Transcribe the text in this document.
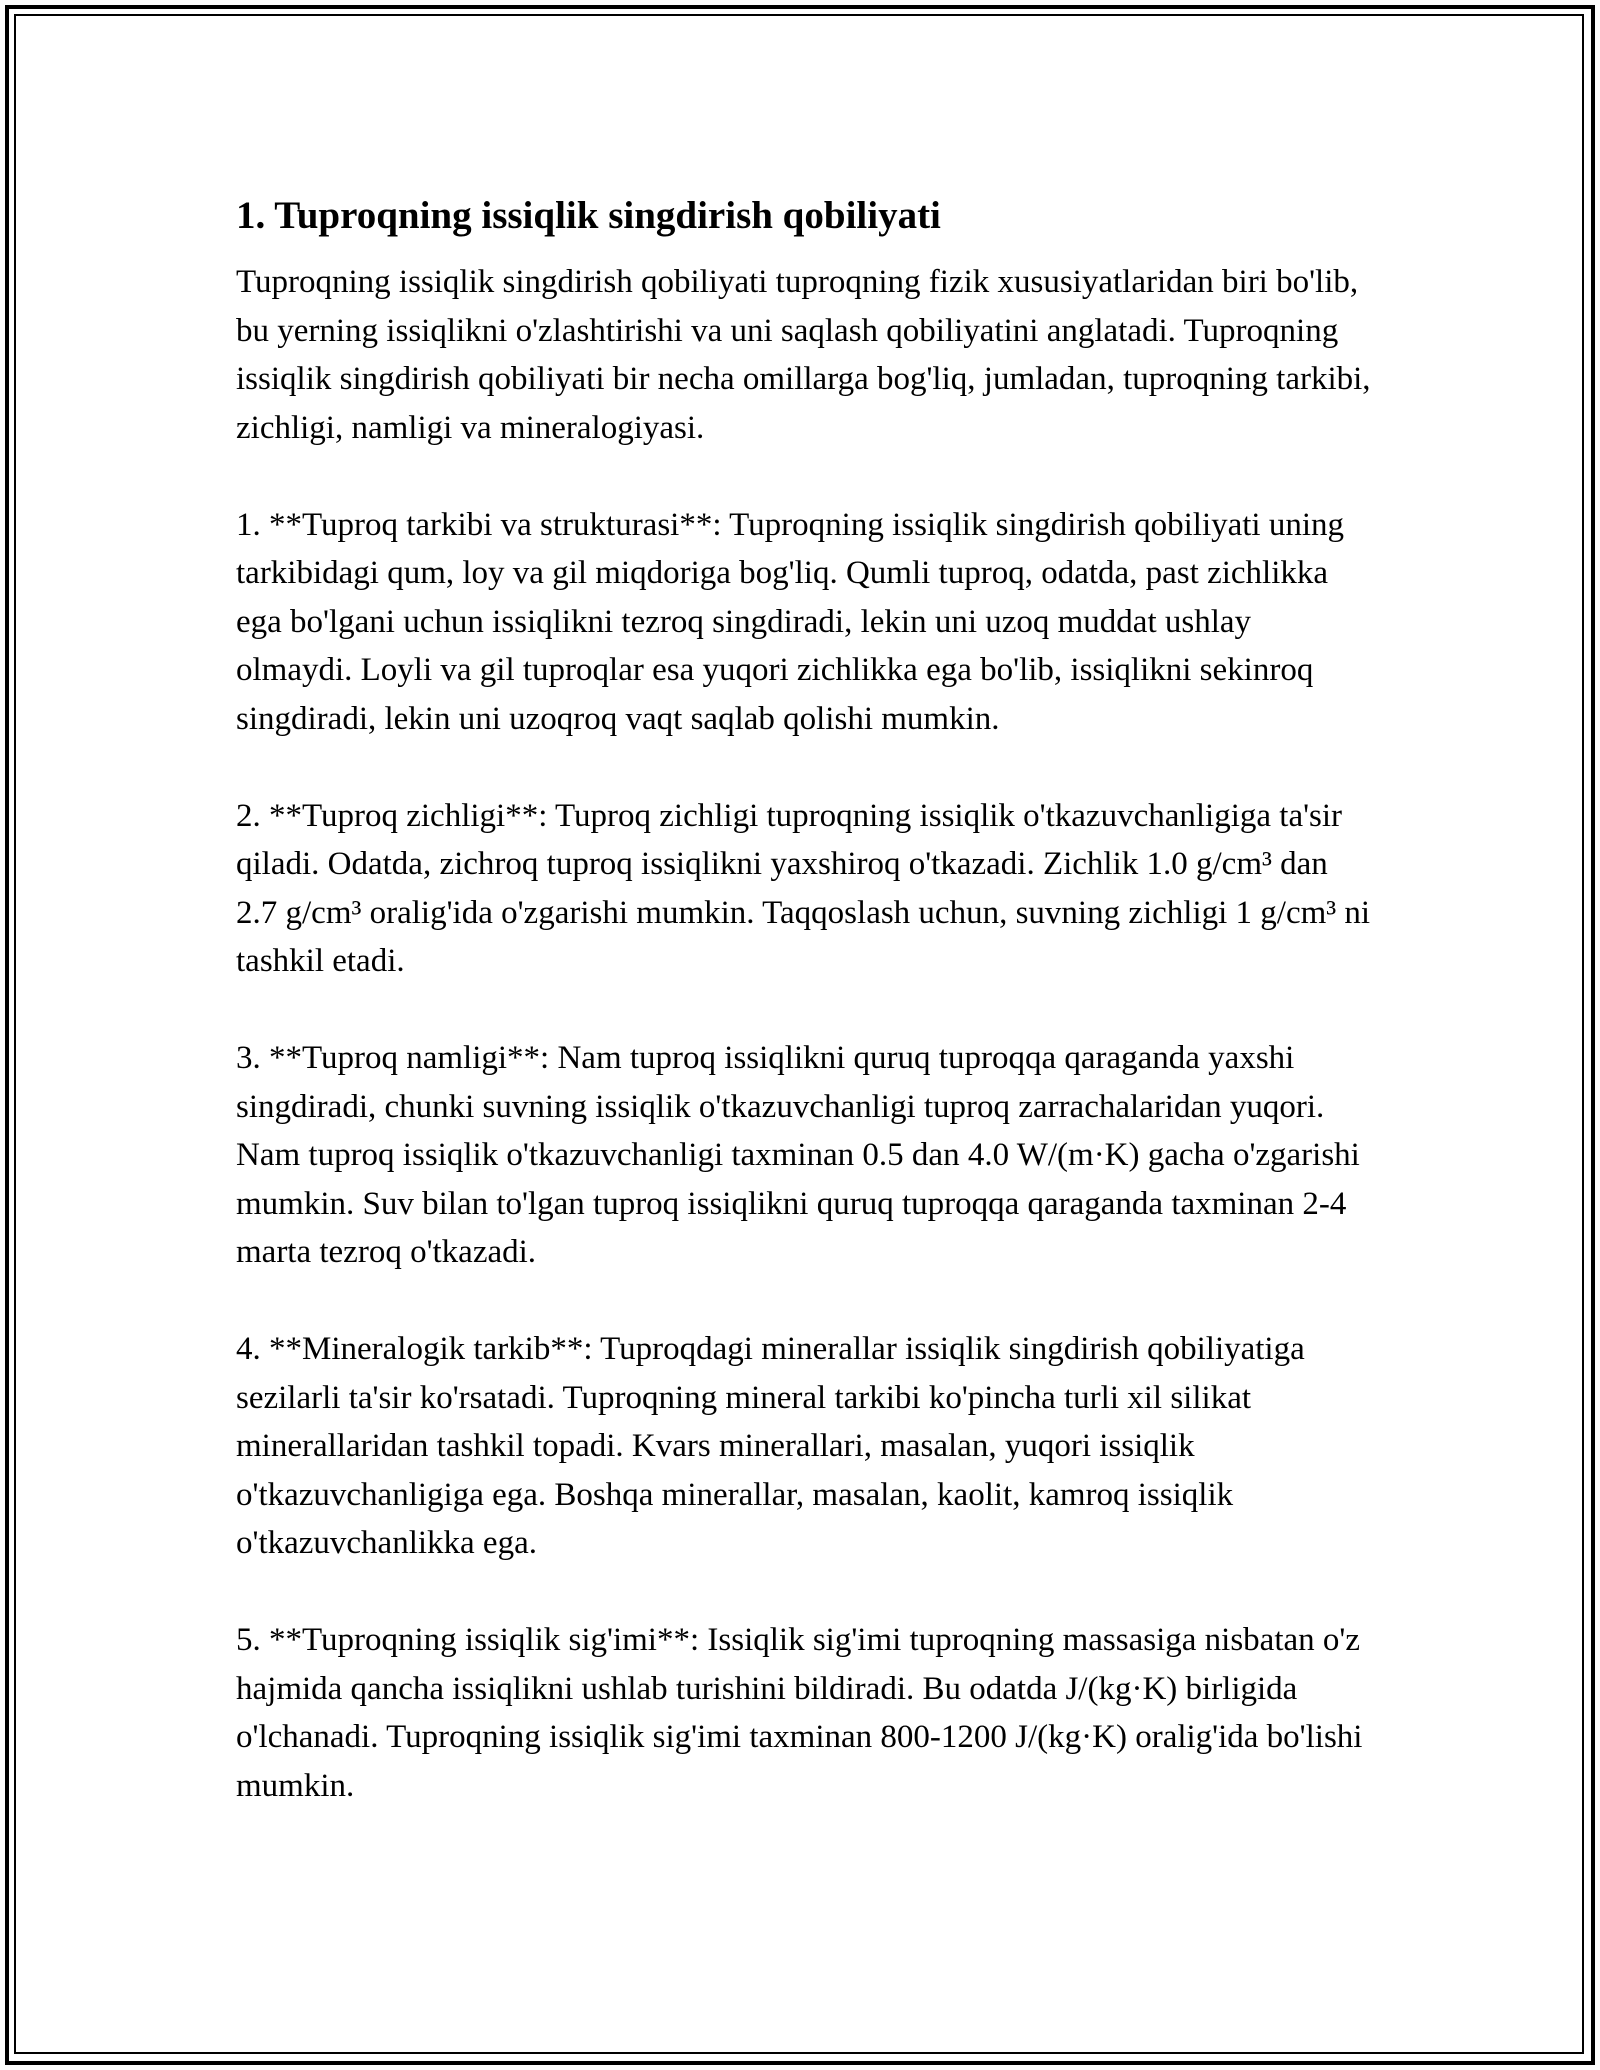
1. Tuproqning issiqlik singdirish qobiliyati

Tuproqning issiqlik singdirish qobiliyati tuproqning fizik xususiyatlaridan biri bo'lib, bu yerning issiqlikni o'zlashtirishi va uni saqlash qobiliyatini anglatadi. Tuproqning issiqlik singdirish qobiliyati bir necha omillarga bog'liq, jumladan, tuproqning tarkibi, zichligi, namligi va mineralogiyasi.

1. **Tuproq tarkibi va strukturasi**: Tuproqning issiqlik singdirish qobiliyati uning tarkibidagi qum, loy va gil miqdoriga bog'liq. Qumli tuproq, odatda, past zichlikka ega bo'lgani uchun issiqlikni tezroq singdiradi, lekin uni uzoq muddat ushlay olmaydi. Loyli va gil tuproqlar esa yuqori zichlikka ega bo'lib, issiqlikni sekinroq singdiradi, lekin uni uzoqroq vaqt saqlab qolishi mumkin.

2. **Tuproq zichligi**: Tuproq zichligi tuproqning issiqlik o'tkazuvchanligiga ta'sir qiladi. Odatda, zichroq tuproq issiqlikni yaxshiroq o'tkazadi. Zichlik 1.0 g/cm³ dan 2.7 g/cm³ oralig'ida o'zgarishi mumkin. Taqqoslash uchun, suvning zichligi 1 g/cm³ ni tashkil etadi.

3. **Tuproq namligi**: Nam tuproq issiqlikni quruq tuproqqa qaraganda yaxshi singdiradi, chunki suvning issiqlik o'tkazuvchanligi tuproq zarrachalaridan yuqori. Nam tuproq issiqlik o'tkazuvchanligi taxminan 0.5 dan 4.0 W/(m·K) gacha o'zgarishi mumkin. Suv bilan to'lgan tuproq issiqlikni quruq tuproqqa qaraganda taxminan 2-4 marta tezroq o'tkazadi.

4. **Mineralogik tarkib**: Tuproqdagi minerallar issiqlik singdirish qobiliyatiga sezilarli ta'sir ko'rsatadi. Tuproqning mineral tarkibi ko'pincha turli xil silikat minerallaridan tashkil topadi. Kvars minerallari, masalan, yuqori issiqlik o'tkazuvchanligiga ega. Boshqa minerallar, masalan, kaolit, kamroq issiqlik o'tkazuvchanlikka ega.

5. **Tuproqning issiqlik sig'imi**: Issiqlik sig'imi tuproqning massasiga nisbatan o'z hajmida qancha issiqlikni ushlab turishini bildiradi. Bu odatda J/(kg·K) birligida o'lchanadi. Tuproqning issiqlik sig'imi taxminan 800-1200 J/(kg·K) oralig'ida bo'lishi mumkin.
